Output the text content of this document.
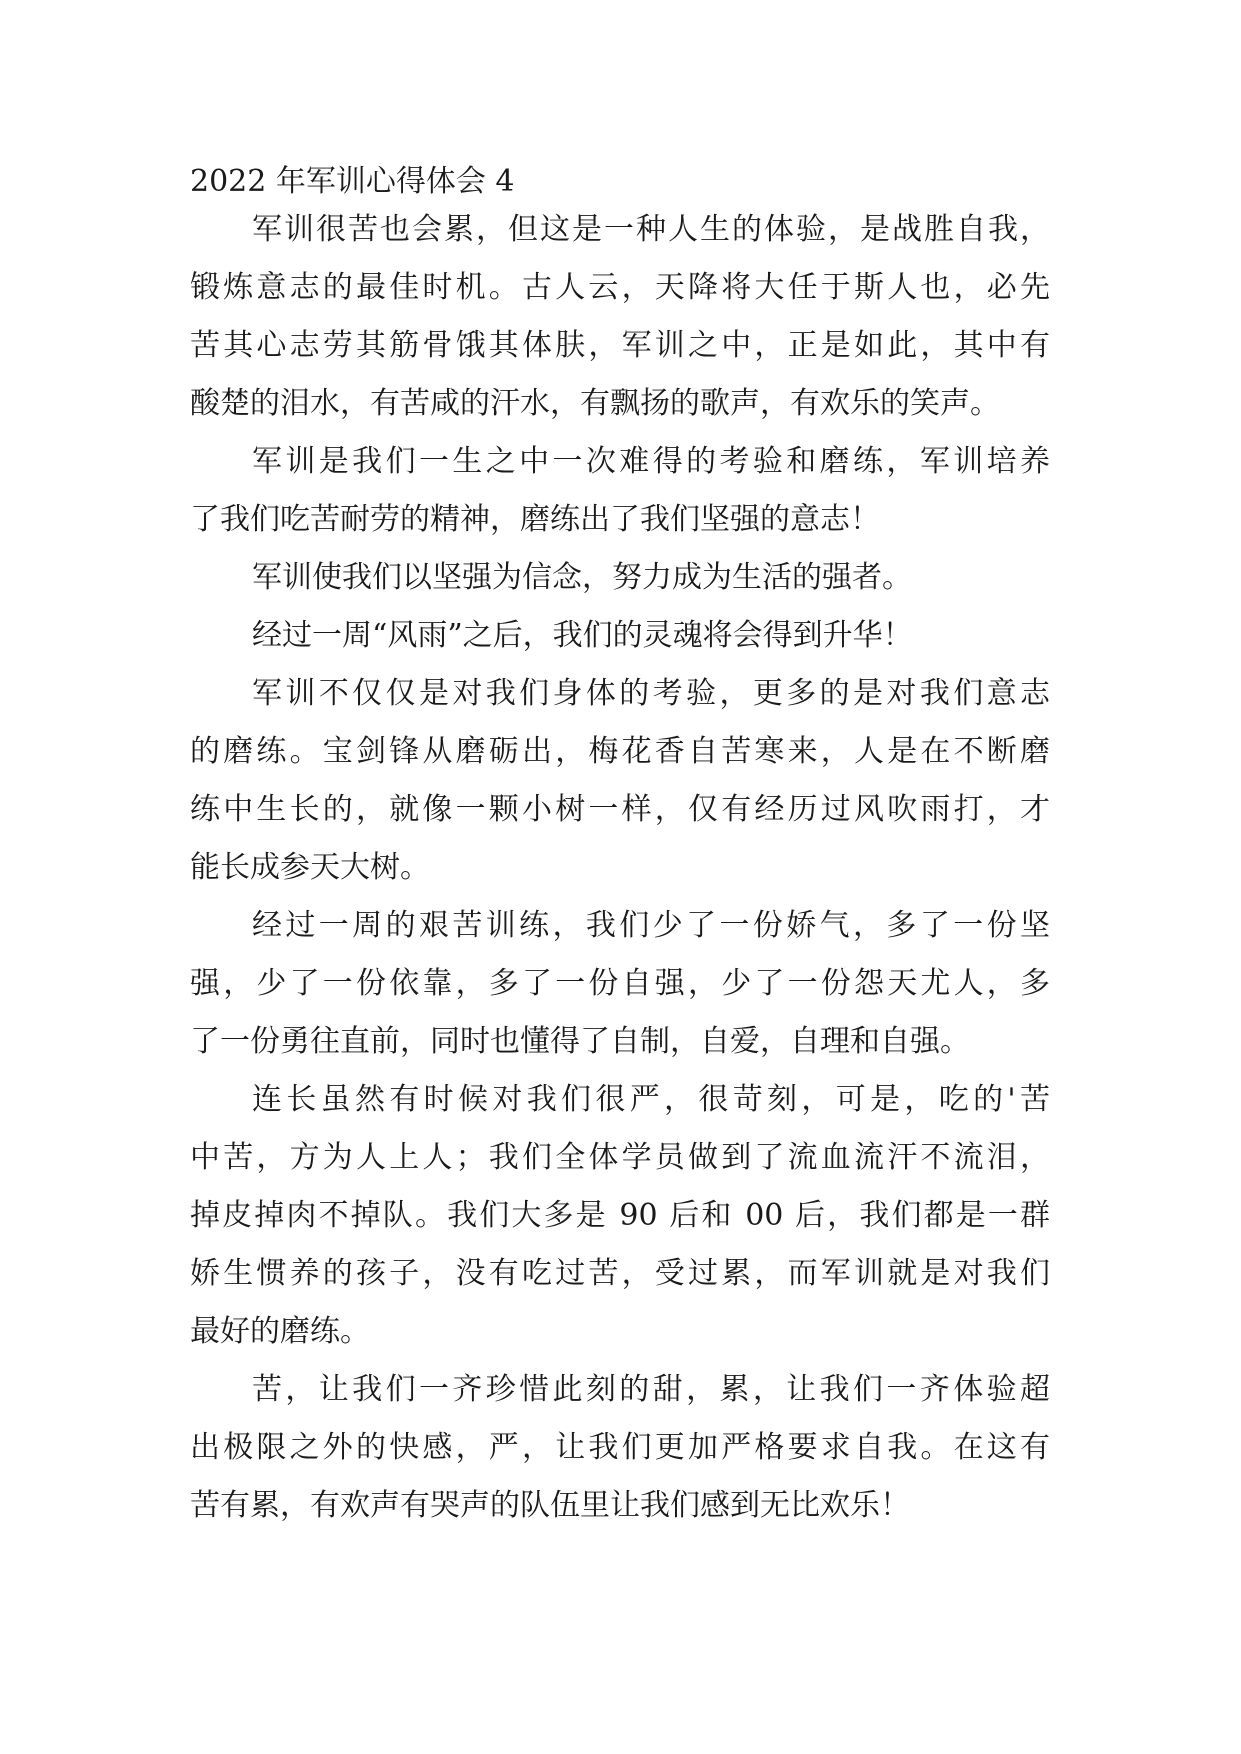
2022 年军训心得体会 4
军训很苦也会累，但这是一种人生的体验，是战胜自我，
锻炼意志的最佳时机。古人云，天降将大任于斯人也，必先
苦其心志劳其筋骨饿其体肤，军训之中，正是如此，其中有
酸楚的泪水，有苦咸的汗水，有飘扬的歌声，有欢乐的笑声。
军训是我们一生之中一次难得的考验和磨练，军训培养
了我们吃苦耐劳的精神，磨练出了我们坚强的意志！
军训使我们以坚强为信念，努力成为生活的强者。
经过一周“风雨”之后，我们的灵魂将会得到升华！
军训不仅仅是对我们身体的考验，更多的是对我们意志
的磨练。宝剑锋从磨砺出，梅花香自苦寒来，人是在不断磨
练中生长的，就像一颗小树一样，仅有经历过风吹雨打，才
能长成参天大树。
经过一周的艰苦训练，我们少了一份娇气，多了一份坚
强，少了一份依靠，多了一份自强，少了一份怨天尤人，多
了一份勇往直前，同时也懂得了自制，自爱，自理和自强。
连长虽然有时候对我们很严，很苛刻，可是，吃的'苦
中苦，方为人上人；我们全体学员做到了流血流汗不流泪，
掉皮掉肉不掉队。我们大多是 90 后和 00 后，我们都是一群
娇生惯养的孩子，没有吃过苦，受过累，而军训就是对我们
最好的磨练。
苦，让我们一齐珍惜此刻的甜，累，让我们一齐体验超
出极限之外的快感，严，让我们更加严格要求自我。在这有
苦有累，有欢声有哭声的队伍里让我们感到无比欢乐！
